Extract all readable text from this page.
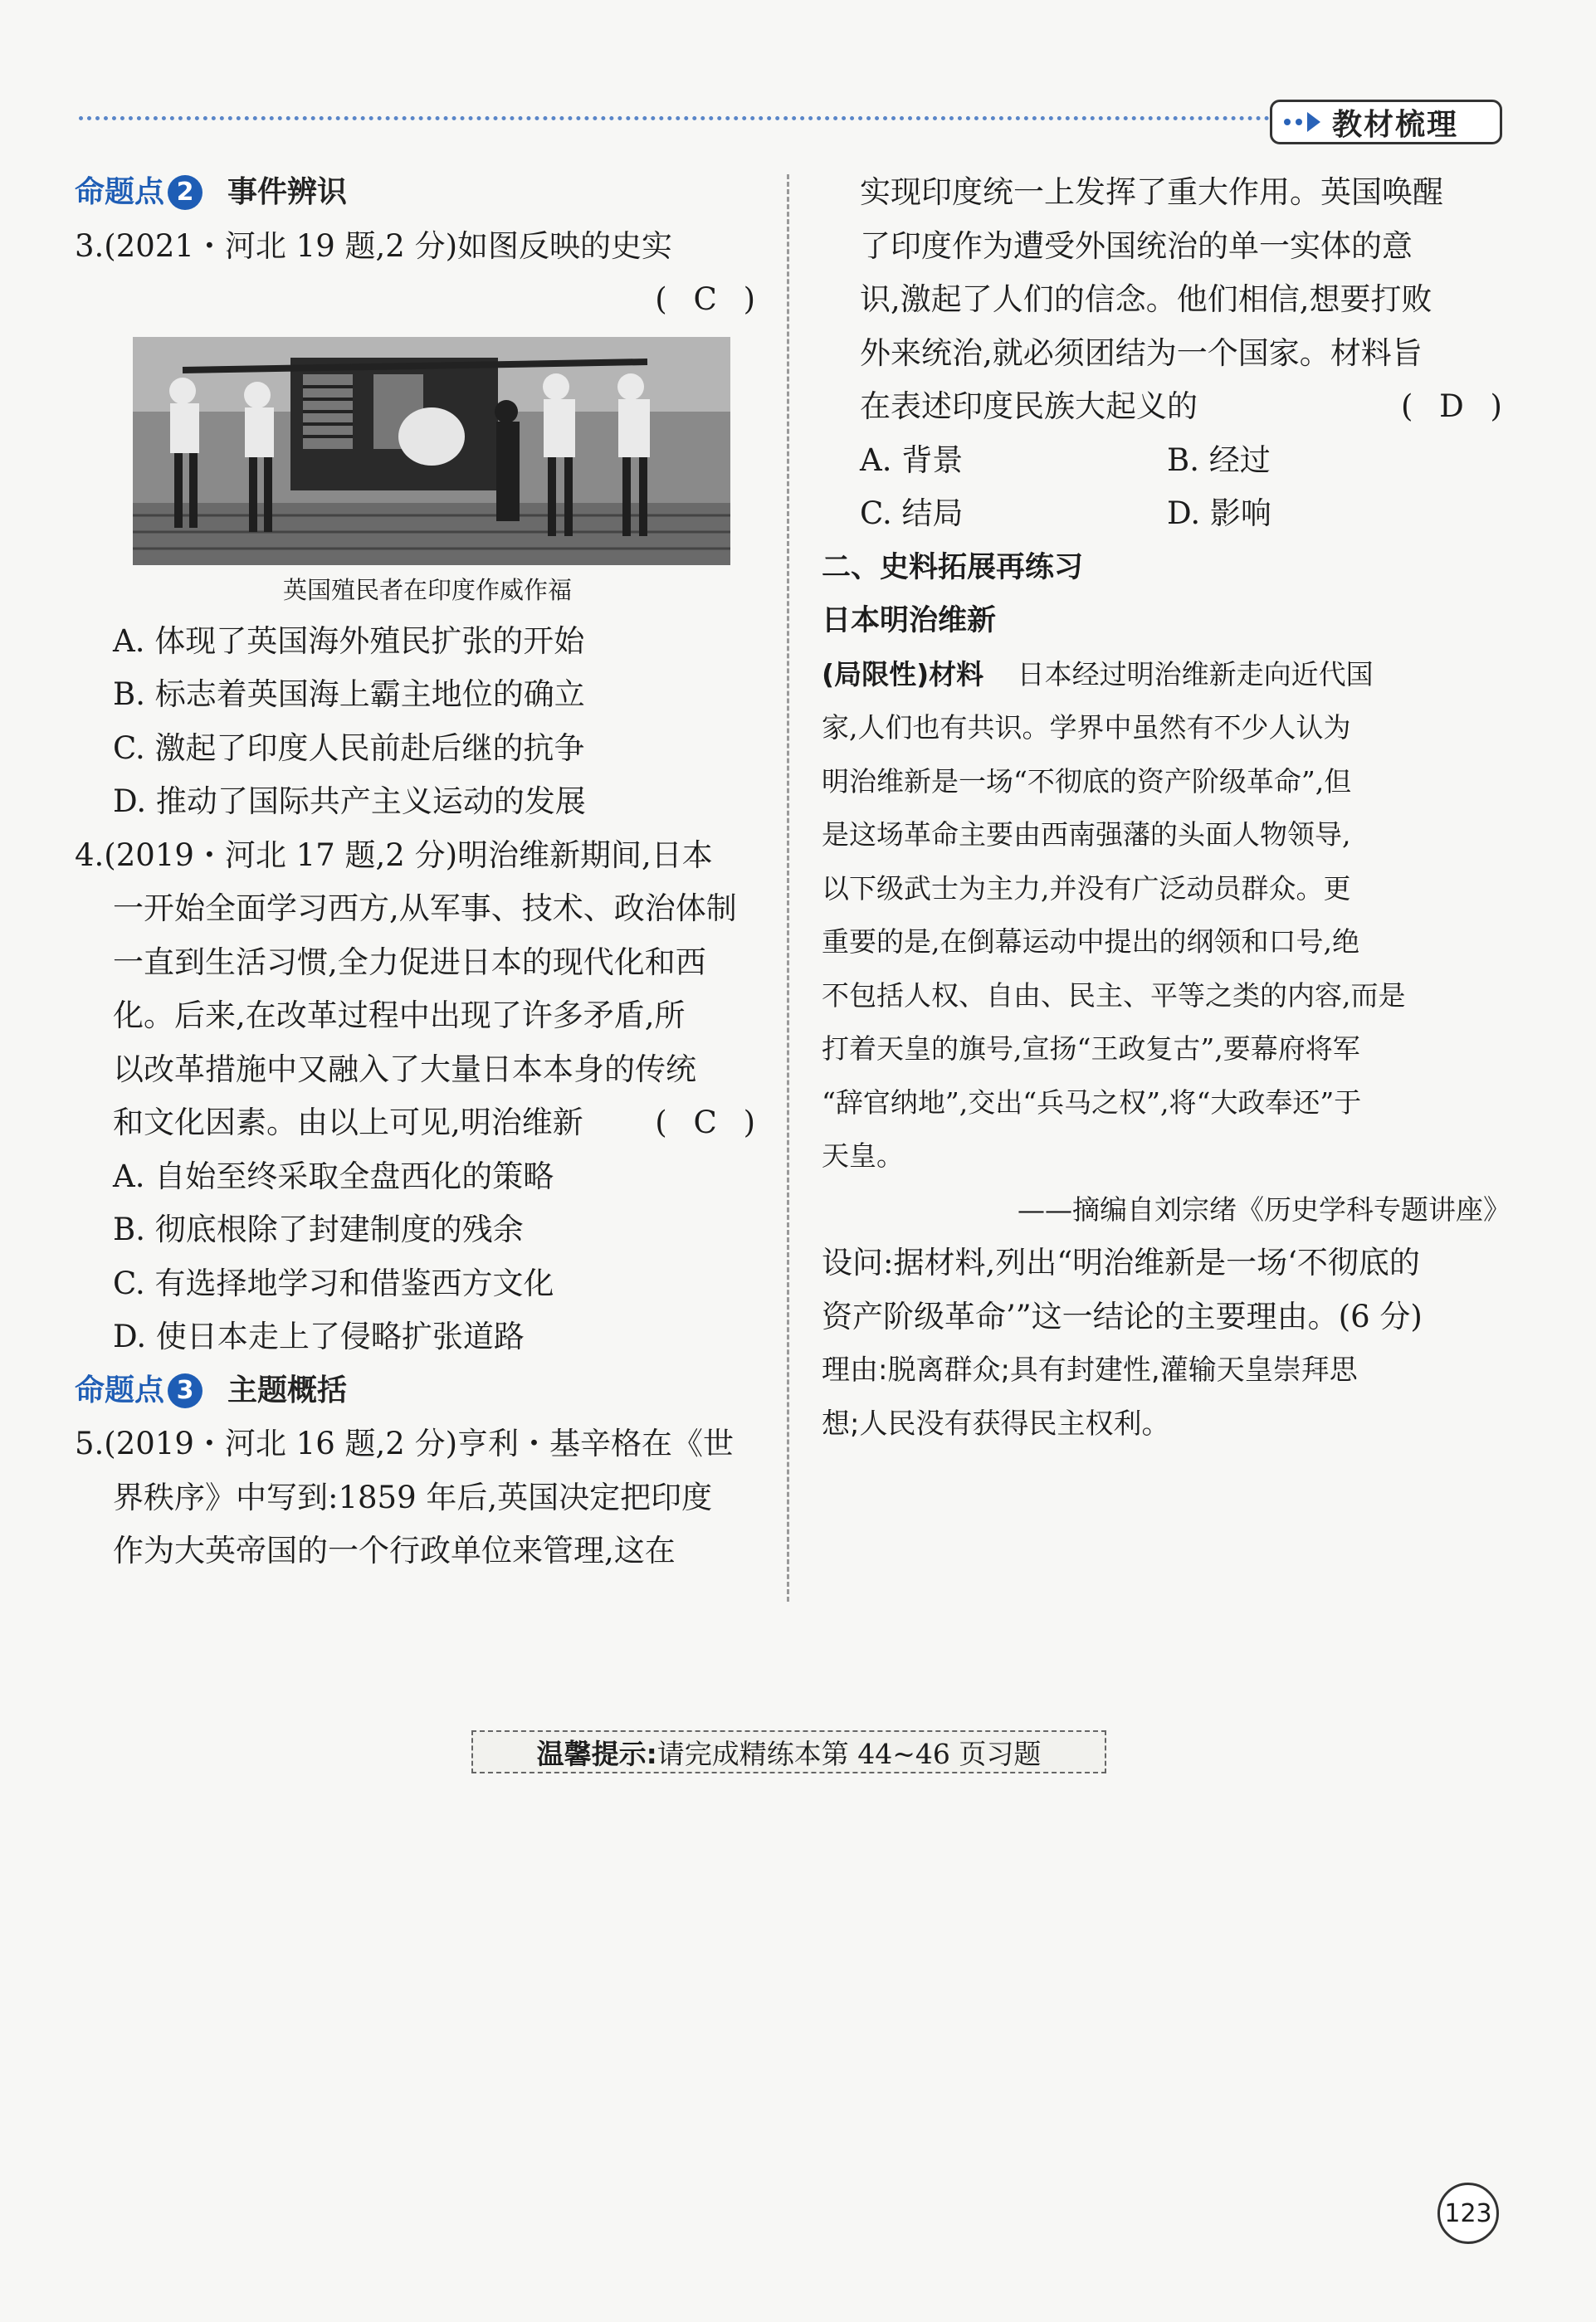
教材梳理
命题点 2 事件辨识
3.(2021・河北 19 题,2 分)如图反映的史实
( C )
英国殖民者在印度作威作福
A. 体现了英国海外殖民扩张的开始
B. 标志着英国海上霸主地位的确立
C. 激起了印度人民前赴后继的抗争
D. 推动了国际共产主义运动的发展
4.(2019・河北 17 题,2 分)明治维新期间,日本
一开始全面学习西方,从军事、技术、政治体制
一直到生活习惯,全力促进日本的现代化和西
化。后来,在改革过程中出现了许多矛盾,所
以改革措施中又融入了大量日本本身的传统
和文化因素。由以上可见,明治维新 ( C )
A. 自始至终采取全盘西化的策略
B. 彻底根除了封建制度的残余
C. 有选择地学习和借鉴西方文化
D. 使日本走上了侵略扩张道路
命题点 3 主题概括
5.(2019・河北 16 题,2 分)亨利・基辛格在《世
界秩序》中写到:1859 年后,英国决定把印度
作为大英帝国的一个行政单位来管理,这在
实现印度统一上发挥了重大作用。英国唤醒
了印度作为遭受外国统治的单一实体的意
识,激起了人们的信念。他们相信,想要打败
外来统治,就必须团结为一个国家。材料旨
在表述印度民族大起义的	( D )
A. 背景	B. 经过
C. 结局	D. 影响
二、史料拓展再练习
日本明治维新
(局限性)材料 日本经过明治维新走向近代国
家,人们也有共识。学界中虽然有不少人认为
明治维新是一场“不彻底的资产阶级革命”,但
是这场革命主要由西南强藩的头面人物领导,
以下级武士为主力,并没有广泛动员群众。更
重要的是,在倒幕运动中提出的纲领和口号,绝
不包括人权、自由、民主、平等之类的内容,而是
打着天皇的旗号,宣扬“王政复古”,要幕府将军
“辞官纳地”,交出“兵马之权”,将“大政奉还”于
天皇。
——摘编自刘宗绪《历史学科专题讲座》
设问:据材料,列出“明治维新是一场‘不彻底的
资产阶级革命’”这一结论的主要理由。(6 分)
理由:脱离群众;具有封建性,灌输天皇崇拜思
想;人民没有获得民主权利。
温馨提示: 请完成精练本第 44~46 页习题
123
